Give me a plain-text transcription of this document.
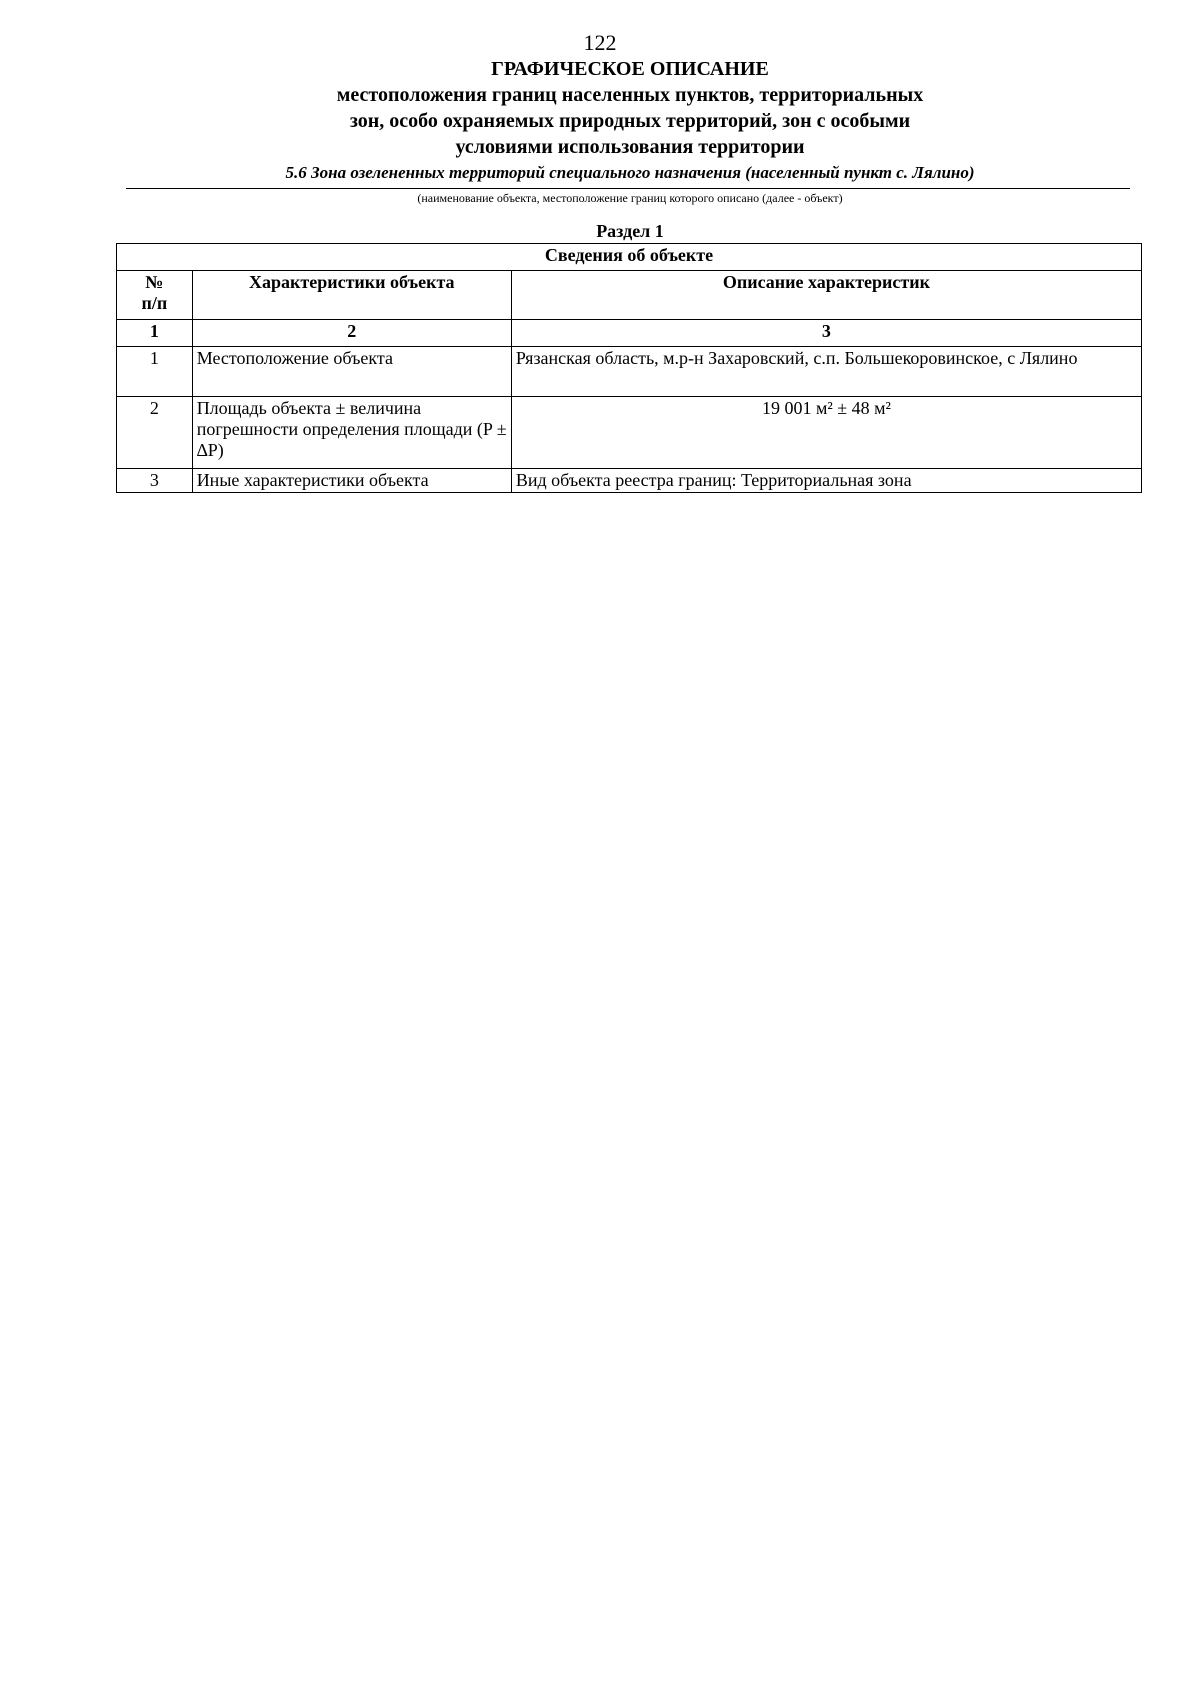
122
ГРАФИЧЕСКОЕ ОПИСАНИЕ
местоположения границ населенных пунктов, территориальных
зон, особо охраняемых природных территорий, зон с особыми
условиями использования территории
5.6 Зона озелененных территорий специального назначения (населенный пункт с. Лялино)
(наименование объекта, местоположение границ которого описано (далее - объект)
Раздел 1
Сведения об объекте		
№
п/п	Характеристики объекта	Описание характеристик
1	2	3
1	Местоположение объекта	Рязанская область, м.р-н Захаровский, с.п. Большекоровинское, с Лялино
2	Площадь объекта ± величина погрешности определения площади (P ± ∆P)	19 001 м² ± 48 м²
3	Иные характеристики объекта	Вид объекта реестра границ: Территориальная зона
